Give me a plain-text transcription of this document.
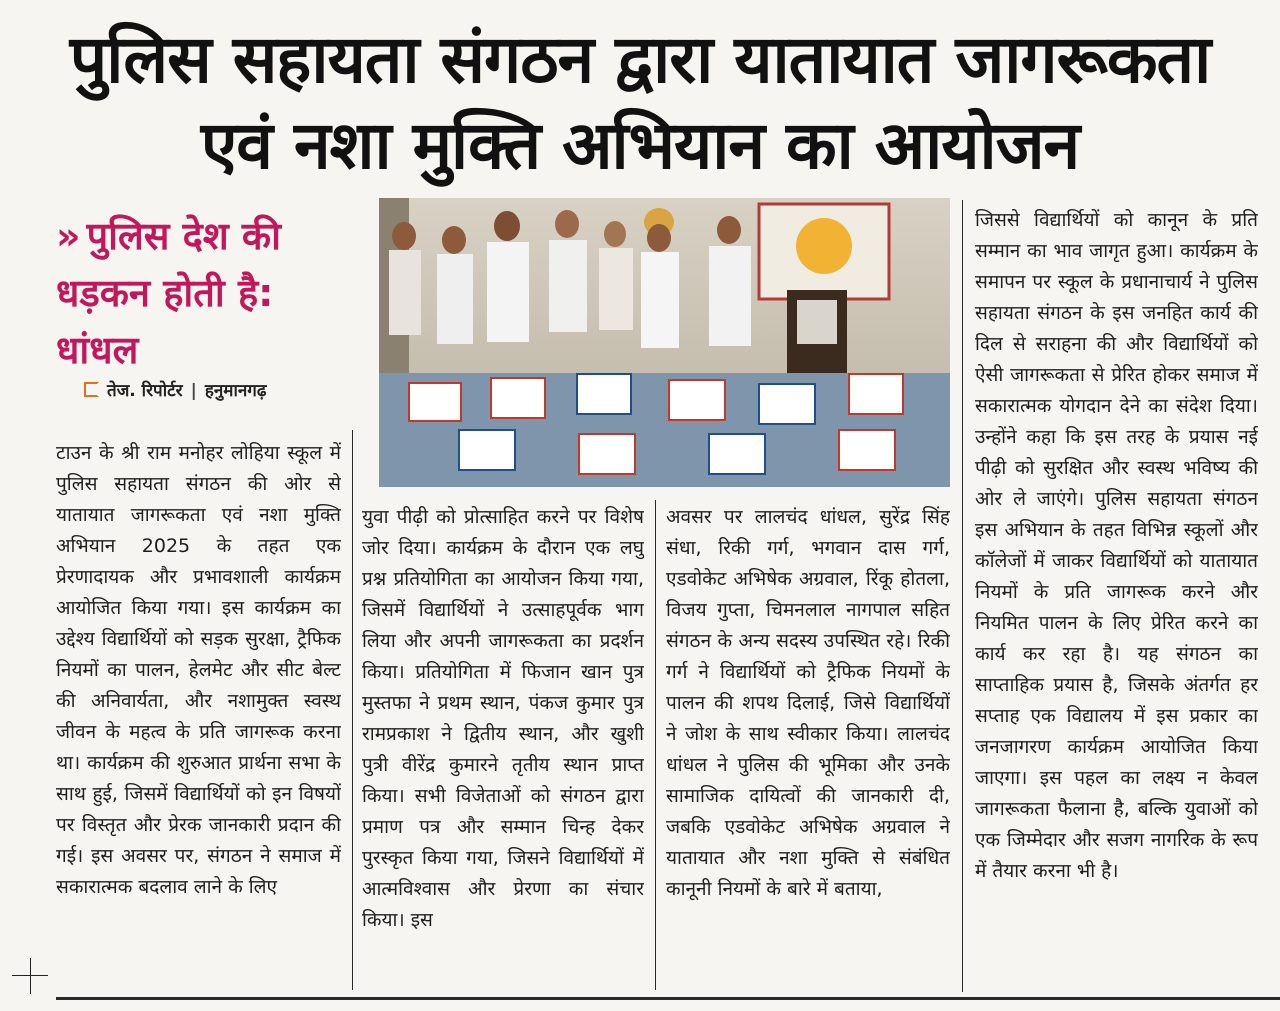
पुलिस सहायता संगठन द्वारा यातायात जागरूकता
एवं नशा मुक्ति अभियान का आयोजन
» पुलिस देश की धड़कन होती है: धांधल
तेज. रिपोर्टर | हनुमानगढ़

टाउन के श्री राम मनोहर लोहिया स्कूल में पुलिस सहायता संगठन की ओर से यातायात जागरूकता एवं नशा मुक्ति अभियान 2025 के तहत एक प्रेरणादायक और प्रभावशाली कार्यक्रम आयोजित किया गया। इस कार्यक्रम का उद्देश्य विद्यार्थियों को सड़क सुरक्षा, ट्रैफिक नियमों का पालन, हेलमेट और सीट बेल्ट की अनिवार्यता, और नशामुक्त स्वस्थ जीवन के महत्व के प्रति जागरूक करना था। कार्यक्रम की शुरुआत प्रार्थना सभा के साथ हुई, जिसमें विद्यार्थियों को इन विषयों पर विस्तृत और प्रेरक जानकारी प्रदान की गई। इस अवसर पर, संगठन ने समाज में सकारात्मक बदलाव लाने के लिए

युवा पीढ़ी को प्रोत्साहित करने पर विशेष जोर दिया। कार्यक्रम के दौरान एक लघु प्रश्न प्रतियोगिता का आयोजन किया गया, जिसमें विद्यार्थियों ने उत्साहपूर्वक भाग लिया और अपनी जागरूकता का प्रदर्शन किया। प्रतियोगिता में फिजान खान पुत्र मुस्तफा ने प्रथम स्थान, पंकज कुमार पुत्र रामप्रकाश ने द्वितीय स्थान, और खुशी पुत्री वीरेंद्र कुमारने तृतीय स्थान प्राप्त किया। सभी विजेताओं को संगठन द्वारा प्रमाण पत्र और सम्मान चिन्ह देकर पुरस्कृत किया गया, जिसने विद्यार्थियों में आत्मविश्वास और प्रेरणा का संचार किया। इस

अवसर पर लालचंद धांधल, सुरेंद्र सिंह संधा, रिकी गर्ग, भगवान दास गर्ग, एडवोकेट अभिषेक अग्रवाल, रिंकू होतला, विजय गुप्ता, चिमनलाल नागपाल सहित संगठन के अन्य सदस्य उपस्थित रहे। रिकी गर्ग ने विद्यार्थियों को ट्रैफिक नियमों के पालन की शपथ दिलाई, जिसे विद्यार्थियों ने जोश के साथ स्वीकार किया। लालचंद धांधल ने पुलिस की भूमिका और उनके सामाजिक दायित्वों की जानकारी दी, जबकि एडवोकेट अभिषेक अग्रवाल ने यातायात और नशा मुक्ति से संबंधित कानूनी नियमों के बारे में बताया,

जिससे विद्यार्थियों को कानून के प्रति सम्मान का भाव जागृत हुआ। कार्यक्रम के समापन पर स्कूल के प्रधानाचार्य ने पुलिस सहायता संगठन के इस जनहित कार्य की दिल से सराहना की और विद्यार्थियों को ऐसी जागरूकता से प्रेरित होकर समाज में सकारात्मक योगदान देने का संदेश दिया। उन्होंने कहा कि इस तरह के प्रयास नई पीढ़ी को सुरक्षित और स्वस्थ भविष्य की ओर ले जाएंगे। पुलिस सहायता संगठन इस अभियान के तहत विभिन्न स्कूलों और कॉलेजों में जाकर विद्यार्थियों को यातायात नियमों के प्रति जागरूक करने और नियमित पालन के लिए प्रेरित करने का कार्य कर रहा है। यह संगठन का साप्ताहिक प्रयास है, जिसके अंतर्गत हर सप्ताह एक विद्यालय में इस प्रकार का जनजागरण कार्यक्रम आयोजित किया जाएगा। इस पहल का लक्ष्य न केवल जागरूकता फैलाना है, बल्कि युवाओं को एक जिम्मेदार और सजग नागरिक के रूप में तैयार करना भी है।
